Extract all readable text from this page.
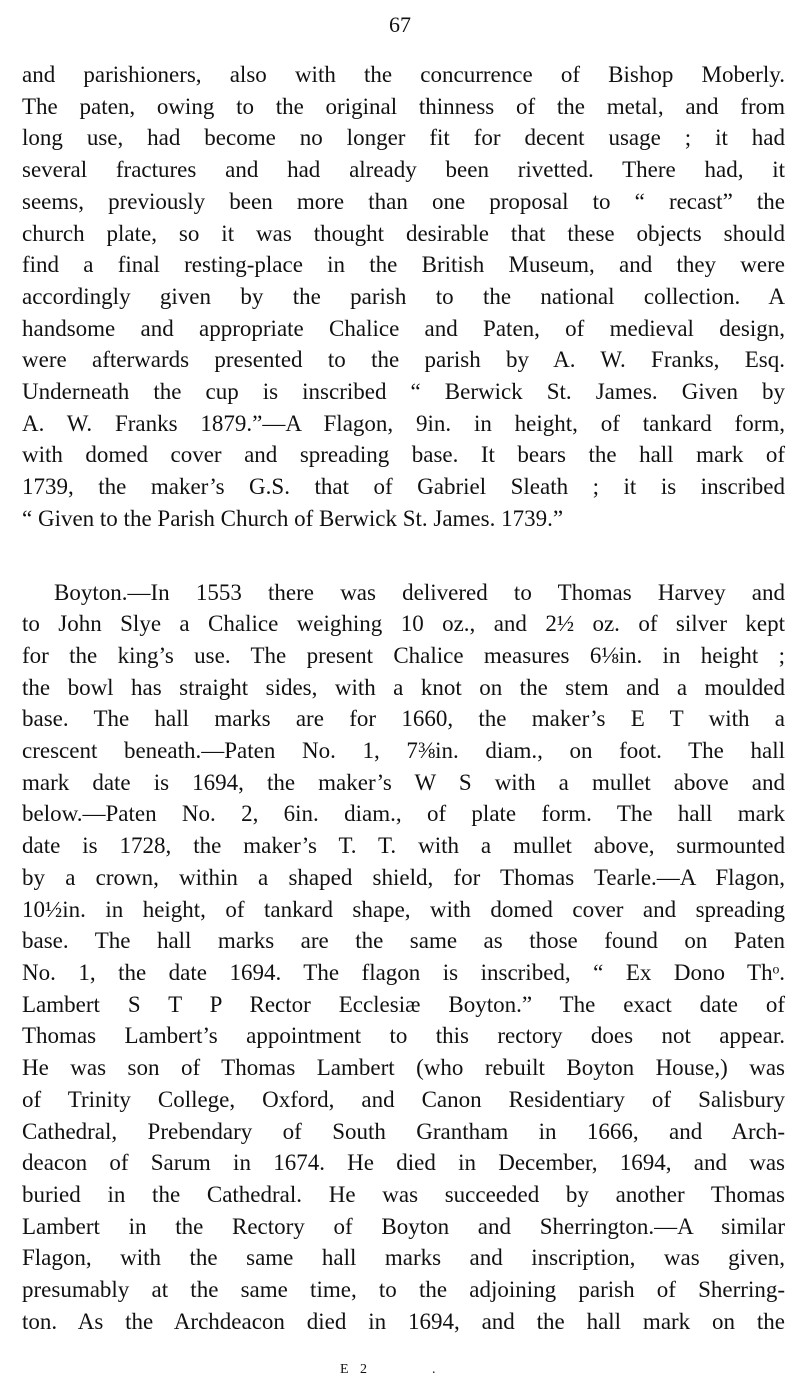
67
and parishioners, also with the concurrence of Bishop Moberly.
The paten, owing to the original thinness of the metal, and from
long use, had become no longer fit for decent usage ; it had
several fractures and had already been rivetted. There had, it
seems, previously been more than one proposal to “ recast” the
church plate, so it was thought desirable that these objects should
find a final resting-place in the British Museum, and they were
accordingly given by the parish to the national collection. A
handsome and appropriate Chalice and Paten, of medieval design,
were afterwards presented to the parish by A. W. Franks, Esq.
Underneath the cup is inscribed “ Berwick St. James. Given by
A. W. Franks 1879.”—A Flagon, 9in. in height, of tankard form,
with domed cover and spreading base. It bears the hall mark of
1739, the maker’s G.S. that of Gabriel Sleath ; it is inscribed
“ Given to the Parish Church of Berwick St. James. 1739.”
Boyton.—In 1553 there was delivered to Thomas Harvey and
to John Slye a Chalice weighing 10 oz., and 2½ oz. of silver kept
for the king’s use. The present Chalice measures 6⅛in. in height ;
the bowl has straight sides, with a knot on the stem and a moulded
base. The hall marks are for 1660, the maker’s E T with a
crescent beneath.—Paten No. 1, 7⅜in. diam., on foot. The hall
mark date is 1694, the maker’s W S with a mullet above and
below.—Paten No. 2, 6in. diam., of plate form. The hall mark
date is 1728, the maker’s T. T. with a mullet above, surmounted
by a crown, within a shaped shield, for Thomas Tearle.—A Flagon,
10½in. in height, of tankard shape, with domed cover and spreading
base. The hall marks are the same as those found on Paten
No. 1, the date 1694. The flagon is inscribed, “ Ex Dono Thᵒ.
Lambert S T P Rector Ecclesiæ Boyton.” The exact date of
Thomas Lambert’s appointment to this rectory does not appear.
He was son of Thomas Lambert (who rebuilt Boyton House,) was
of Trinity College, Oxford, and Canon Residentiary of Salisbury
Cathedral, Prebendary of South Grantham in 1666, and Arch-
deacon of Sarum in 1674. He died in December, 1694, and was
buried in the Cathedral. He was succeeded by another Thomas
Lambert in the Rectory of Boyton and Sherrington.—A similar
Flagon, with the same hall marks and inscription, was given,
presumably at the same time, to the adjoining parish of Sherring-
ton. As the Archdeacon died in 1694, and the hall mark on the
E 2	.
